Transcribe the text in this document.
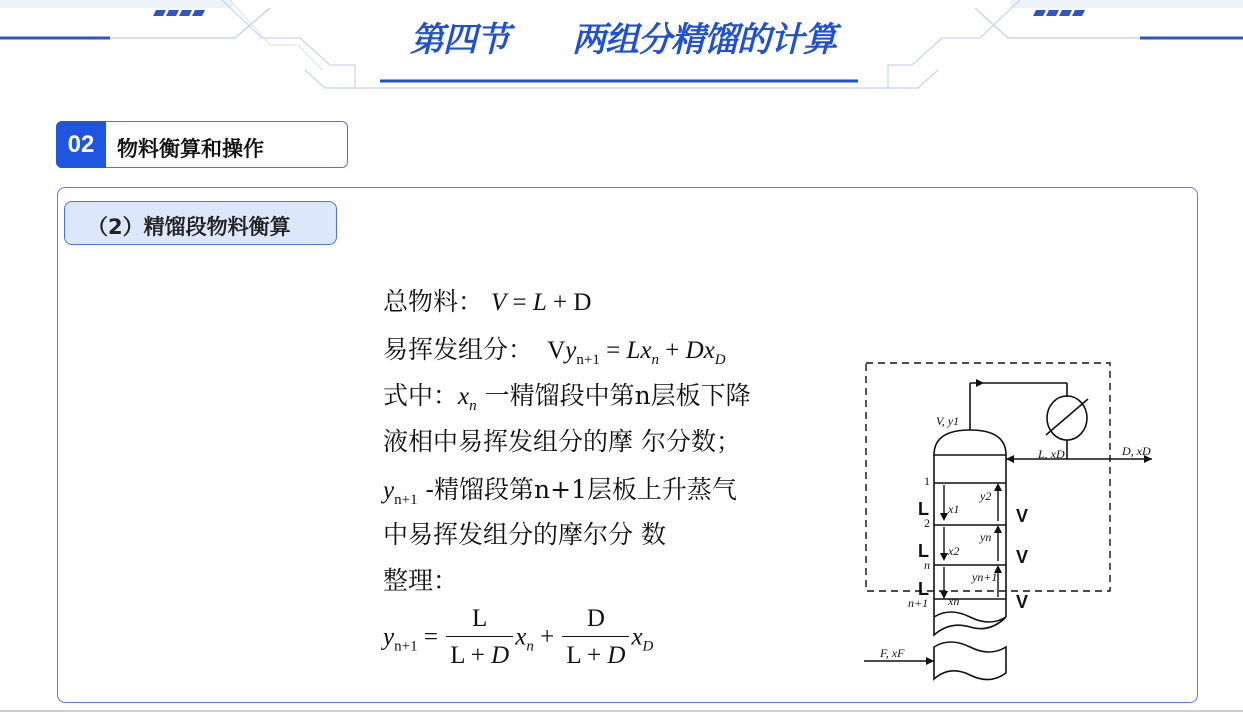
第四节 两组分精馏的计算
02	物料衡算和操作
（2）精馏段物料衡算
总物料： V = L + D
易挥发组分：  $Vy_{n+1} = Lx_n + Dx_D$
式中：$x_n$ 一精馏段中第n层板下降
液相中易挥发组分的摩 尔分数；
$y_{n+1}$ -精馏段第n+1层板上升蒸气
中易挥发组分的摩尔分 数
整理：
$y_{n+1} = \frac{L}{L + D} x_n + \frac{D}{L + D} x_D$
V, y1
L, xD	D, xD
F, xF
1
2
n
n+1
x1
x2
xn
y2
yn
yn+1
L
L
L
V
V
V
